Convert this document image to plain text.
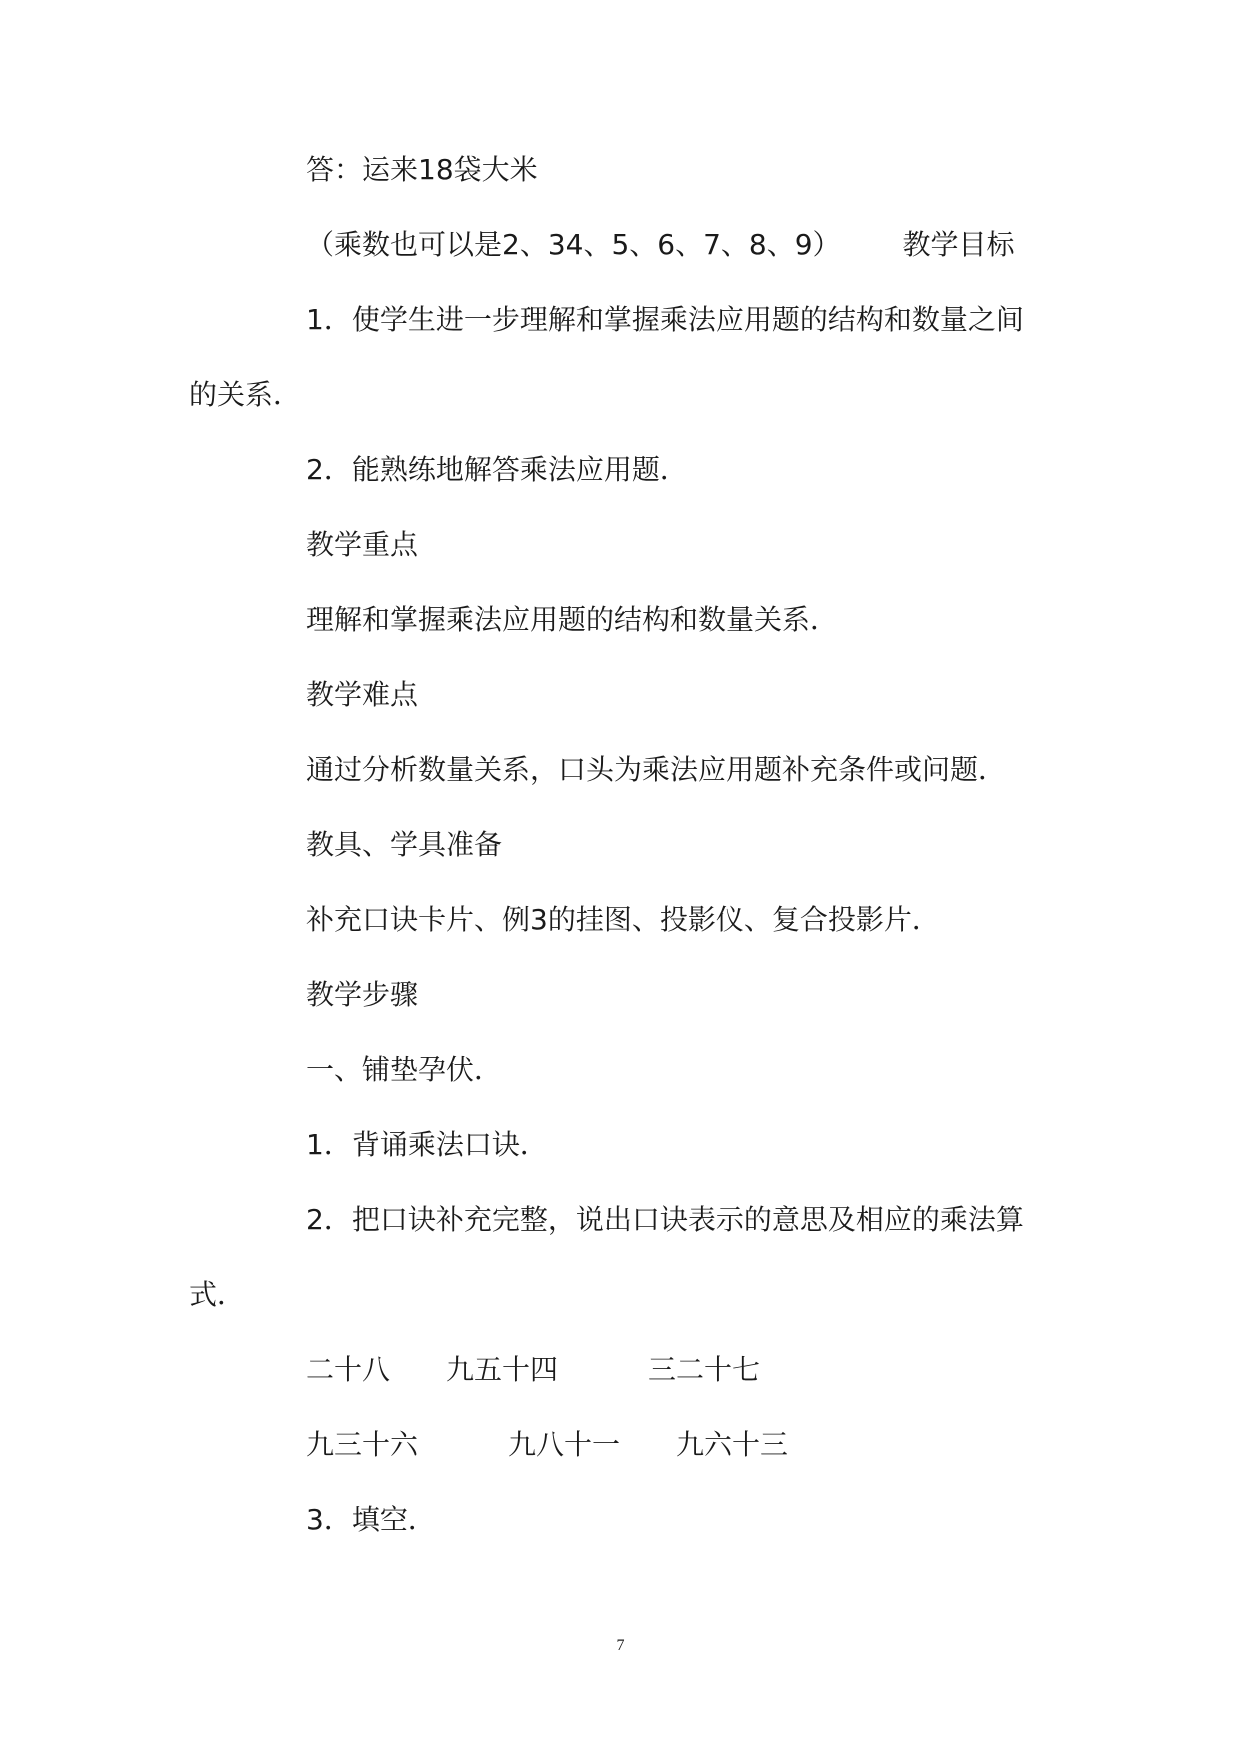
答：运来18袋大米

（乘数也可以是2、34、5、6、7、8、9） 教学目标

1．使学生进一步理解和掌握乘法应用题的结构和数量之间

的关系．

2．能熟练地解答乘法应用题．

教学重点

理解和掌握乘法应用题的结构和数量关系．

教学难点

通过分析数量关系，口头为乘法应用题补充条件或问题．

教具、学具准备

补充口诀卡片、例3的挂图、投影仪、复合投影片．

教学步骤

一、铺垫孕伏．

1．背诵乘法口诀．

2．把口诀补充完整，说出口诀表示的意思及相应的乘法算

式．

二十八 九五十四	三二十七

九三十六	九八十一 九六十三

3．填空．

7
